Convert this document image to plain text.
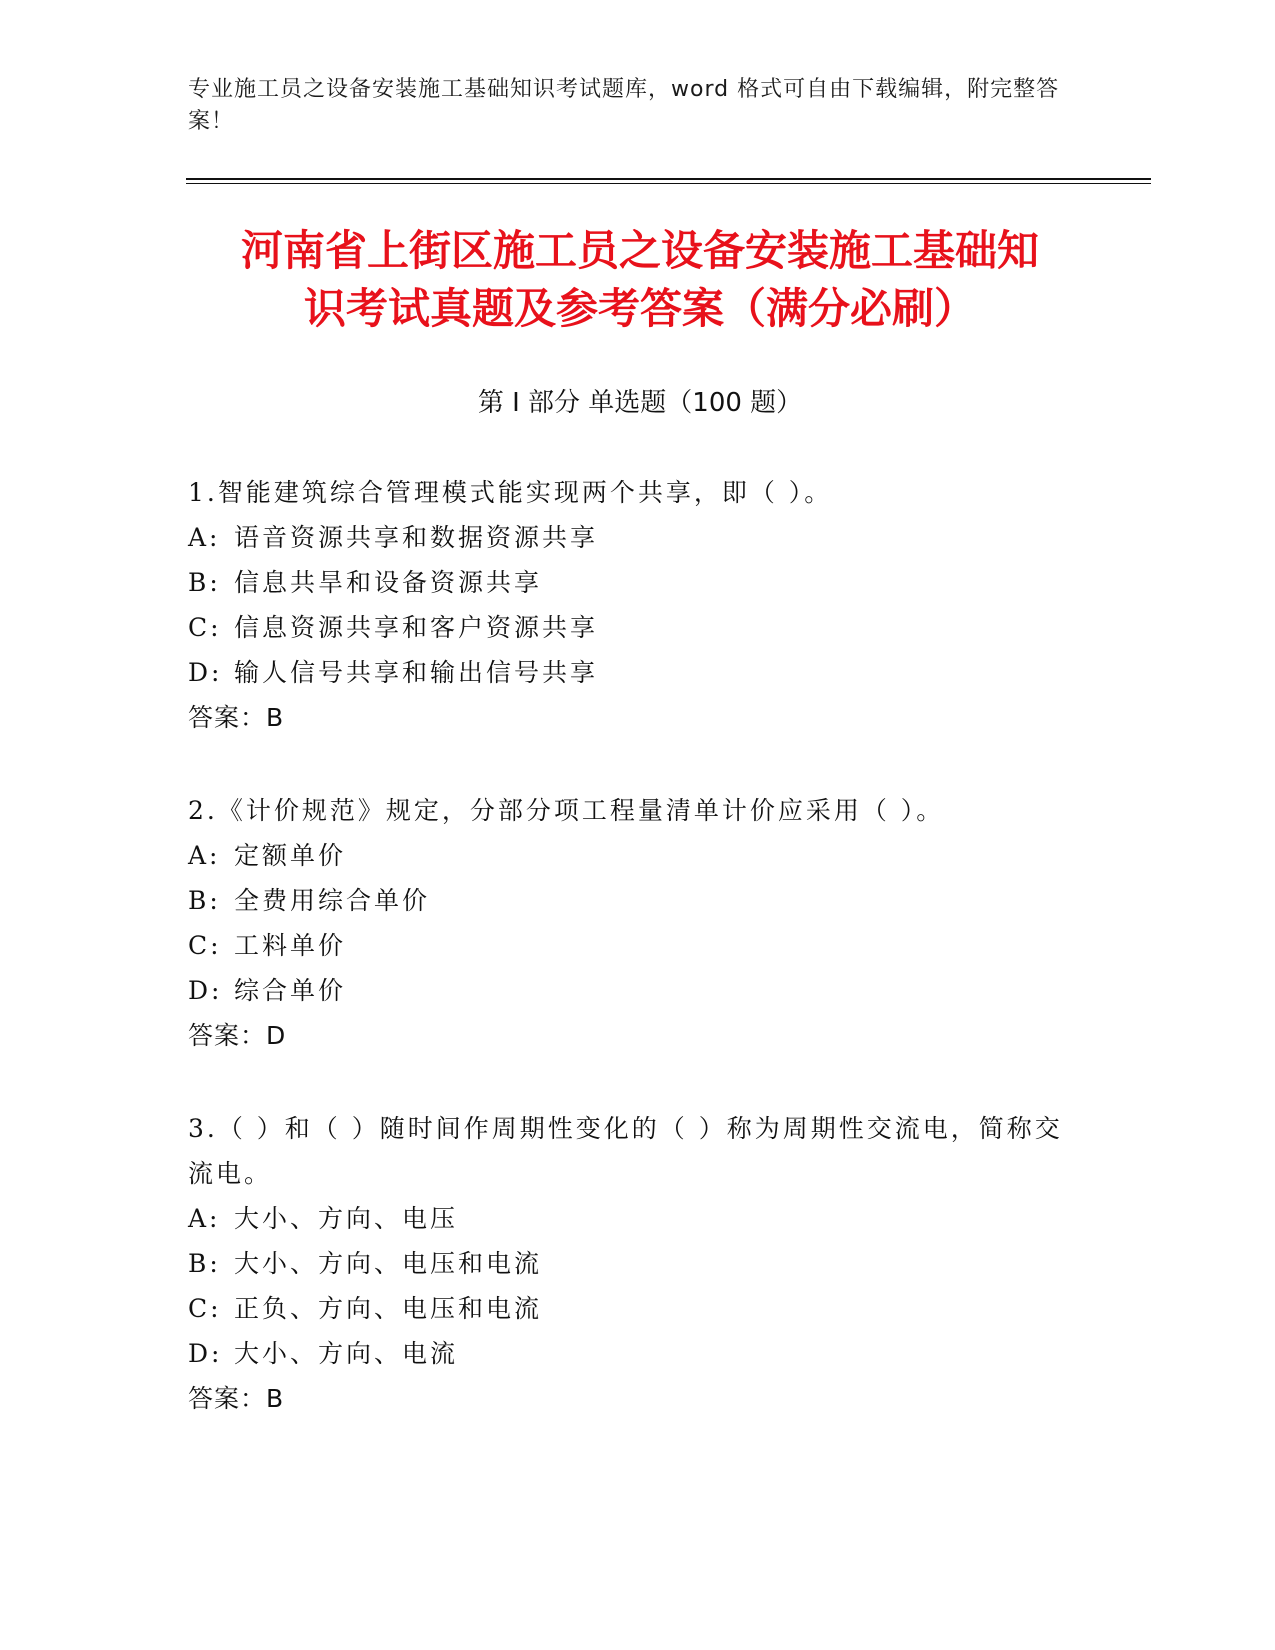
专业施工员之设备安装施工基础知识考试题库，word 格式可自由下载编辑，附完整答案！
河南省上街区施工员之设备安装施工基础知
识考试真题及参考答案（满分必刷）
第 I 部分 单选题（100 题）
1.智能建筑综合管理模式能实现两个共享，即（ ）。
A: 语音资源共享和数据资源共享
B: 信息共旱和设备资源共享
C: 信息资源共享和客户资源共享
D: 输人信号共享和输出信号共享
答案：B
2.《计价规范》规定，分部分项工程量清单计价应采用（ ）。
A: 定额单价
B: 全费用综合单价
C: 工料单价
D: 综合单价
答案：D
3.（ ）和（ ）随时间作周期性变化的（ ）称为周期性交流电，简称交流电。
A: 大小、方向、电压
B: 大小、方向、电压和电流
C: 正负、方向、电压和电流
D: 大小、方向、电流
答案：B
